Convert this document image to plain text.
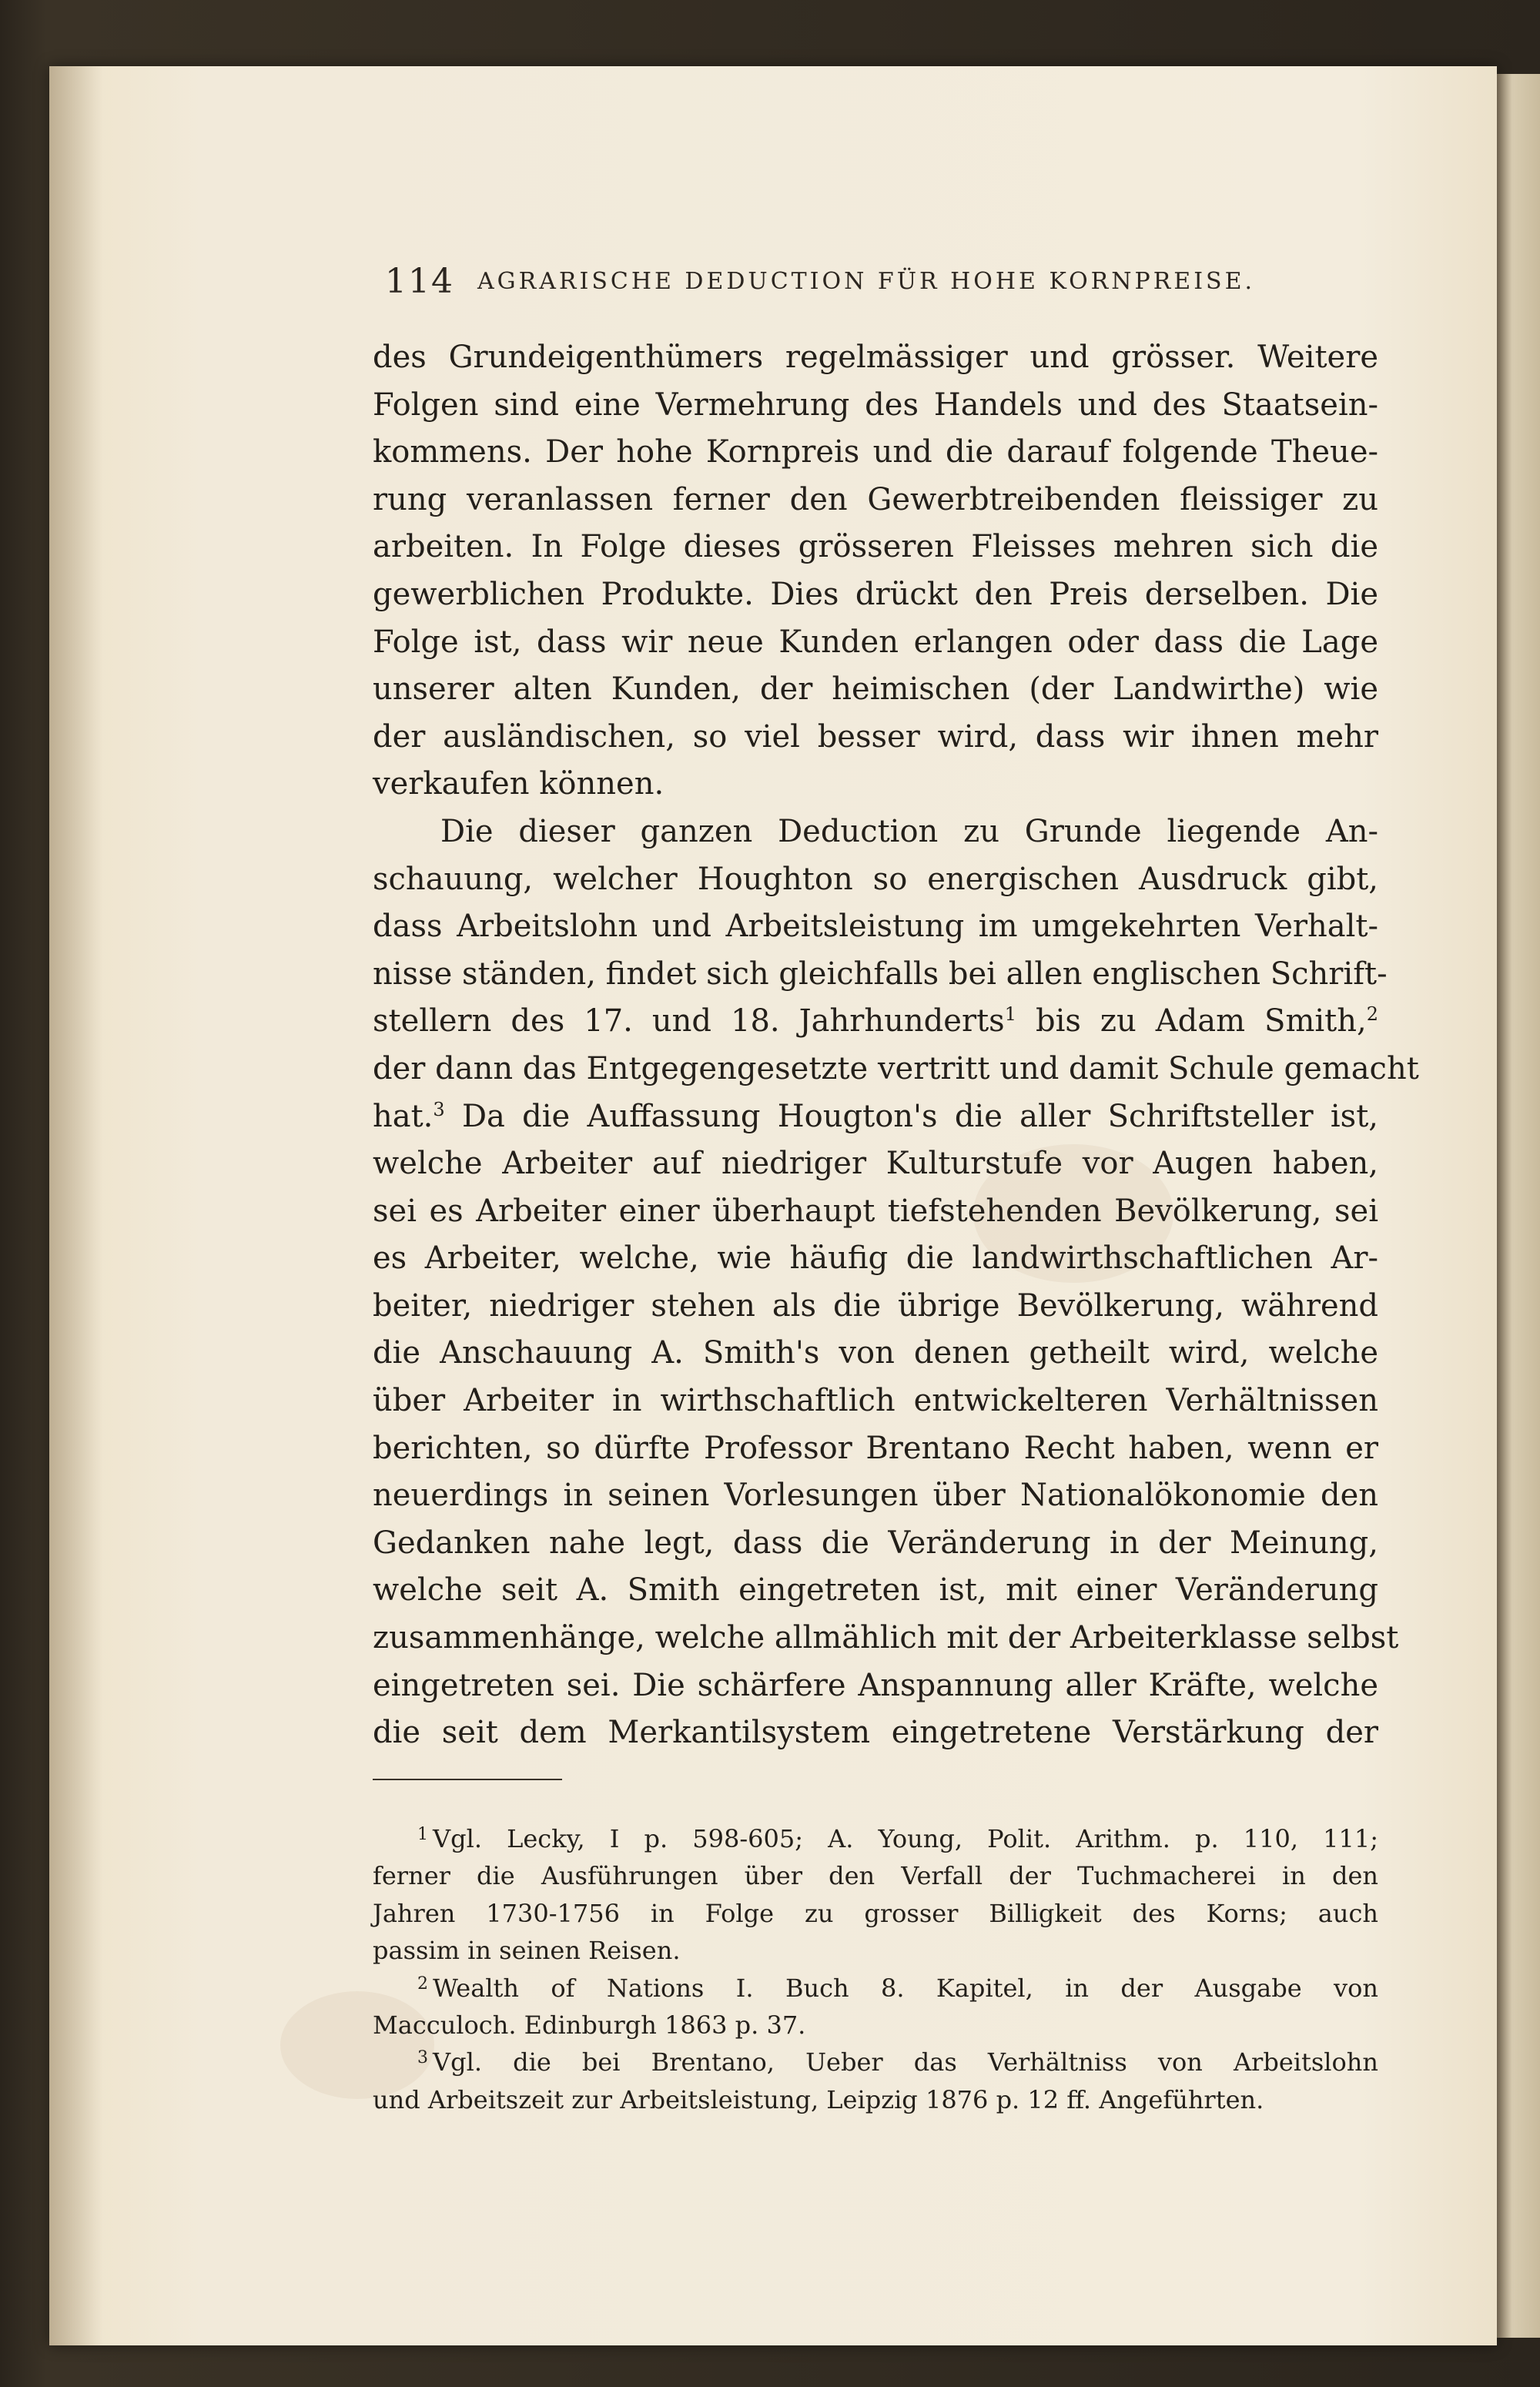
114 AGRARISCHE DEDUCTION FÜR HOHE KORNPREISE.
des Grundeigenthümers regelmässiger und grösser. Weitere
Folgen sind eine Vermehrung des Handels und des Staatsein-
kommens. Der hohe Kornpreis und die darauf folgende Theue-
rung veranlassen ferner den Gewerbtreibenden fleissiger zu
arbeiten. In Folge dieses grösseren Fleisses mehren sich die
gewerblichen Produkte. Dies drückt den Preis derselben. Die
Folge ist, dass wir neue Kunden erlangen oder dass die Lage
unserer alten Kunden, der heimischen (der Landwirthe) wie
der ausländischen, so viel besser wird, dass wir ihnen mehr
verkaufen können.
Die dieser ganzen Deduction zu Grunde liegende An-
schauung, welcher Houghton so energischen Ausdruck gibt,
dass Arbeitslohn und Arbeitsleistung im umgekehrten Verhalt-
nisse ständen, findet sich gleichfalls bei allen englischen Schrift-
stellern des 17. und 18. Jahrhunderts$^1$ bis zu Adam Smith,$^2$
der dann das Entgegengesetzte vertritt und damit Schule gemacht
hat.$^3$ Da die Auffassung Hougton's die aller Schriftsteller ist,
welche Arbeiter auf niedriger Kulturstufe vor Augen haben,
sei es Arbeiter einer überhaupt tiefstehenden Bevölkerung, sei
es Arbeiter, welche, wie häufig die landwirthschaftlichen Ar-
beiter, niedriger stehen als die übrige Bevölkerung, während
die Anschauung A. Smith's von denen getheilt wird, welche
über Arbeiter in wirthschaftlich entwickelteren Verhältnissen
berichten, so dürfte Professor Brentano Recht haben, wenn er
neuerdings in seinen Vorlesungen über Nationalökonomie den
Gedanken nahe legt, dass die Veränderung in der Meinung,
welche seit A. Smith eingetreten ist, mit einer Veränderung
zusammenhänge, welche allmählich mit der Arbeiterklasse selbst
eingetreten sei. Die schärfere Anspannung aller Kräfte, welche
die seit dem Merkantilsystem eingetretene Verstärkung der
$^1$ Vgl. Lecky, I p. 598-605; A. Young, Polit. Arithm. p. 110, 111;
ferner die Ausführungen über den Verfall der Tuchmacherei in den
Jahren 1730-1756 in Folge zu grosser Billigkeit des Korns; auch
passim in seinen Reisen.
$^2$ Wealth of Nations I. Buch 8. Kapitel, in der Ausgabe von
Macculoch. Edinburgh 1863 p. 37.
$^3$ Vgl. die bei Brentano, Ueber das Verhältniss von Arbeitslohn
und Arbeitszeit zur Arbeitsleistung, Leipzig 1876 p. 12 ff. Angeführten.
